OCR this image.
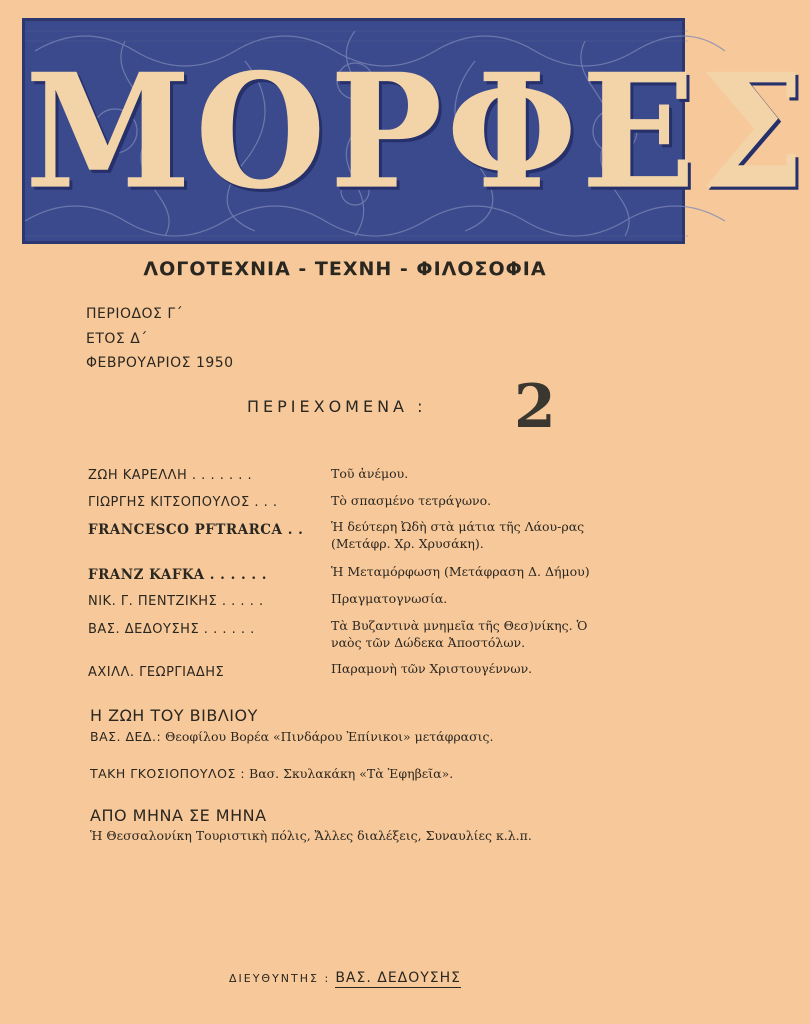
ΜΟΡΦΕΣ
ΛΟΓΟΤΕΧΝΙΑ - ΤΕΧΝΗ - ΦΙΛΟΣΟΦΙΑ
ΠΕΡΙΟΔΟΣ Γ΄
ΕΤΟΣ Δ΄
ΦΕΒΡΟΥΑΡΙΟΣ 1950
ΠΕΡΙΕΧΟΜΕΝΑ : 2
ΖΩΗ ΚΑΡΕΛΛΗ . . . . . . .	Τοῦ ἀνέμου.
ΓΙΩΡΓΗΣ ΚΙΤΣΟΠΟΥΛΟΣ . . .	Τὸ σπασμένο τετράγωνο.
FRANCESCO PFTRARCA . . Ἡ δεύτερη Ὠδὴ στὰ μάτια τῆς Λάου-ρας (Μετάφρ. Χρ. Χρυσάκη).
FRANZ KAFKA . . . . . .	Ἡ Μεταμόρφωση (Μετάφραση Δ. Δήμου)
ΝΙΚ. Γ. ΠΕΝΤΖΙΚΗΣ . . . . .	Πραγματογνωσία.
ΒΑΣ. ΔΕΔΟΥΣΗΣ . . . . . .	Τὰ Βυζαντινὰ μνημεῖα τῆς Θεσ)νίκης. Ὁ ναὸς τῶν Δώδεκα Ἀποστόλων.
ΑΧΙΛΛ. ΓΕΩΡΓΙΑΔΗΣ	Παραμονὴ τῶν Χριστουγέννων.
Η ΖΩΗ ΤΟΥ ΒΙΒΛΙΟΥ
ΒΑΣ. ΔΕΔ.: Θεοφίλου Βορέα «Πινδάρου Ἐπίνικοι» μετάφρασις.
ΤΑΚΗ ΓΚΟΣΙΟΠΟΥΛΟΣ : Βασ. Σκυλακάκη «Τὰ Ἐφηβεῖα».
ΑΠΟ ΜΗΝΑ ΣΕ ΜΗΝΑ
Ἡ Θεσσαλονίκη Τουριστικὴ πόλις, Ἄλλες διαλέξεις, Συναυλίες κ.λ.π.
ΔΙΕΥΘΥΝΤΗΣ : ΒΑΣ. ΔΕΔΟΥΣΗΣ
